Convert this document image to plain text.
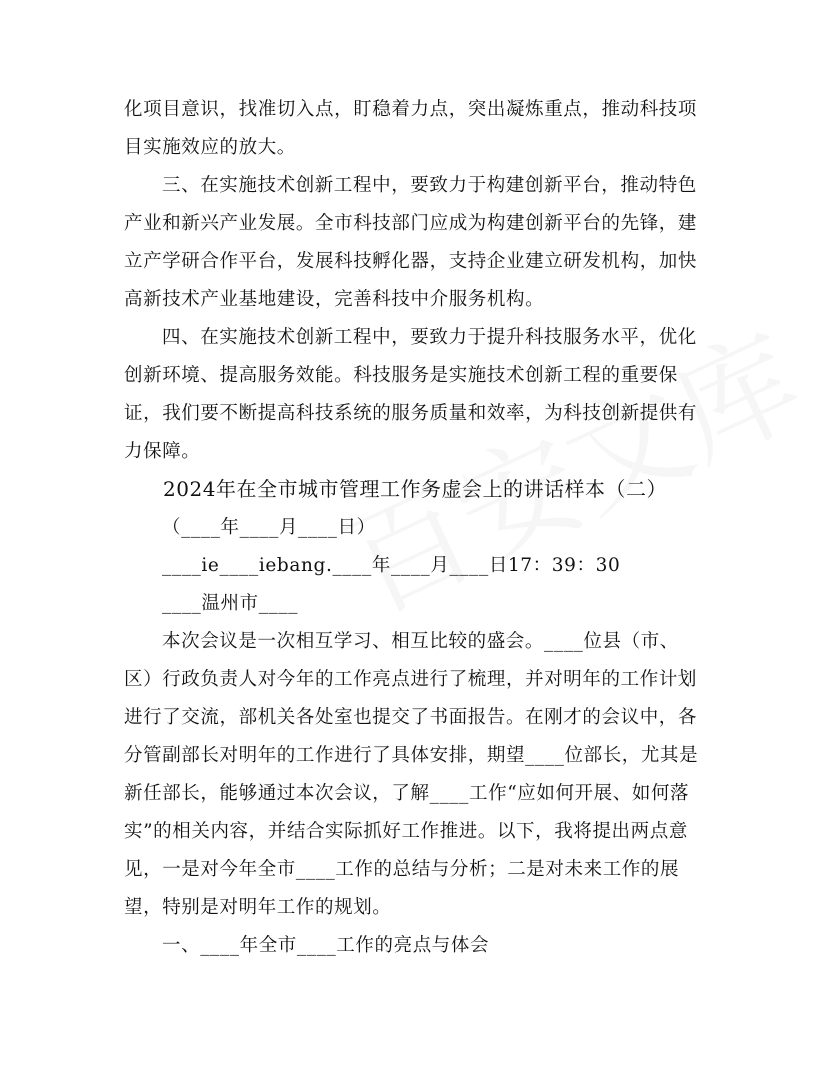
化项目意识，找准切入点，盯稳着力点，突出凝炼重点，推动科技项
目实施效应的放大。
三、在实施技术创新工程中，要致力于构建创新平台，推动特色
产业和新兴产业发展。全市科技部门应成为构建创新平台的先锋，建
立产学研合作平台，发展科技孵化器，支持企业建立研发机构，加快
高新技术产业基地建设，完善科技中介服务机构。
四、在实施技术创新工程中，要致力于提升科技服务水平，优化
创新环境、提高服务效能。科技服务是实施技术创新工程的重要保
证，我们要不断提高科技系统的服务质量和效率，为科技创新提供有
力保障。
2024年在全市城市管理工作务虚会上的讲话样本（二）
（____年____月____日）
____ie____iebang.____年____月____日17：39：30
____温州市____
本次会议是一次相互学习、相互比较的盛会。____位县（市、
区）行政负责人对今年的工作亮点进行了梳理，并对明年的工作计划
进行了交流，部机关各处室也提交了书面报告。在刚才的会议中，各
分管副部长对明年的工作进行了具体安排，期望____位部长，尤其是
新任部长，能够通过本次会议，了解____工作“应如何开展、如何落
实”的相关内容，并结合实际抓好工作推进。以下，我将提出两点意
见，一是对今年全市____工作的总结与分析；二是对未来工作的展
望，特别是对明年工作的规划。
一、____年全市____工作的亮点与体会
